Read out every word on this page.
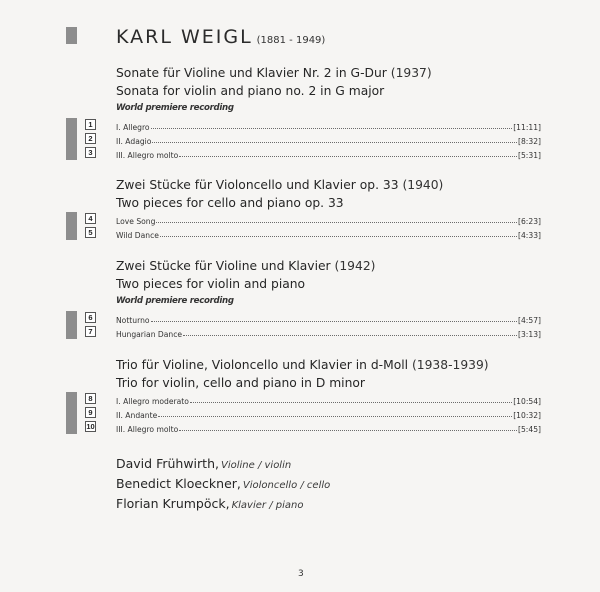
KARL WEIGL (1881 - 1949)
Sonate für Violine und Klavier Nr. 2 in G-Dur (1937)
Sonata for violin and piano no. 2 in G major
World premiere recording
1	I. Allegro	[11:11]
2	II. Adagio	[8:32]
3	III. Allegro molto	[5:31]
Zwei Stücke für Violoncello und Klavier op. 33 (1940)
Two pieces for cello and piano op. 33
4	Love Song	[6:23]
5	Wild Dance	[4:33]
Zwei Stücke für Violine und Klavier (1942)
Two pieces for violin and piano
World premiere recording
6	Notturno	[4:57]
7	Hungarian Dance	[3:13]
Trio für Violine, Violoncello und Klavier in d-Moll (1938-1939)
Trio for violin, cello and piano in D minor
8	I. Allegro moderato	[10:54]
9	II. Andante	[10:32]
10	III. Allegro molto	[5:45]
David Frühwirth, Violine / violin
Benedict Kloeckner, Violoncello / cello
Florian Krumpöck, Klavier / piano
3
